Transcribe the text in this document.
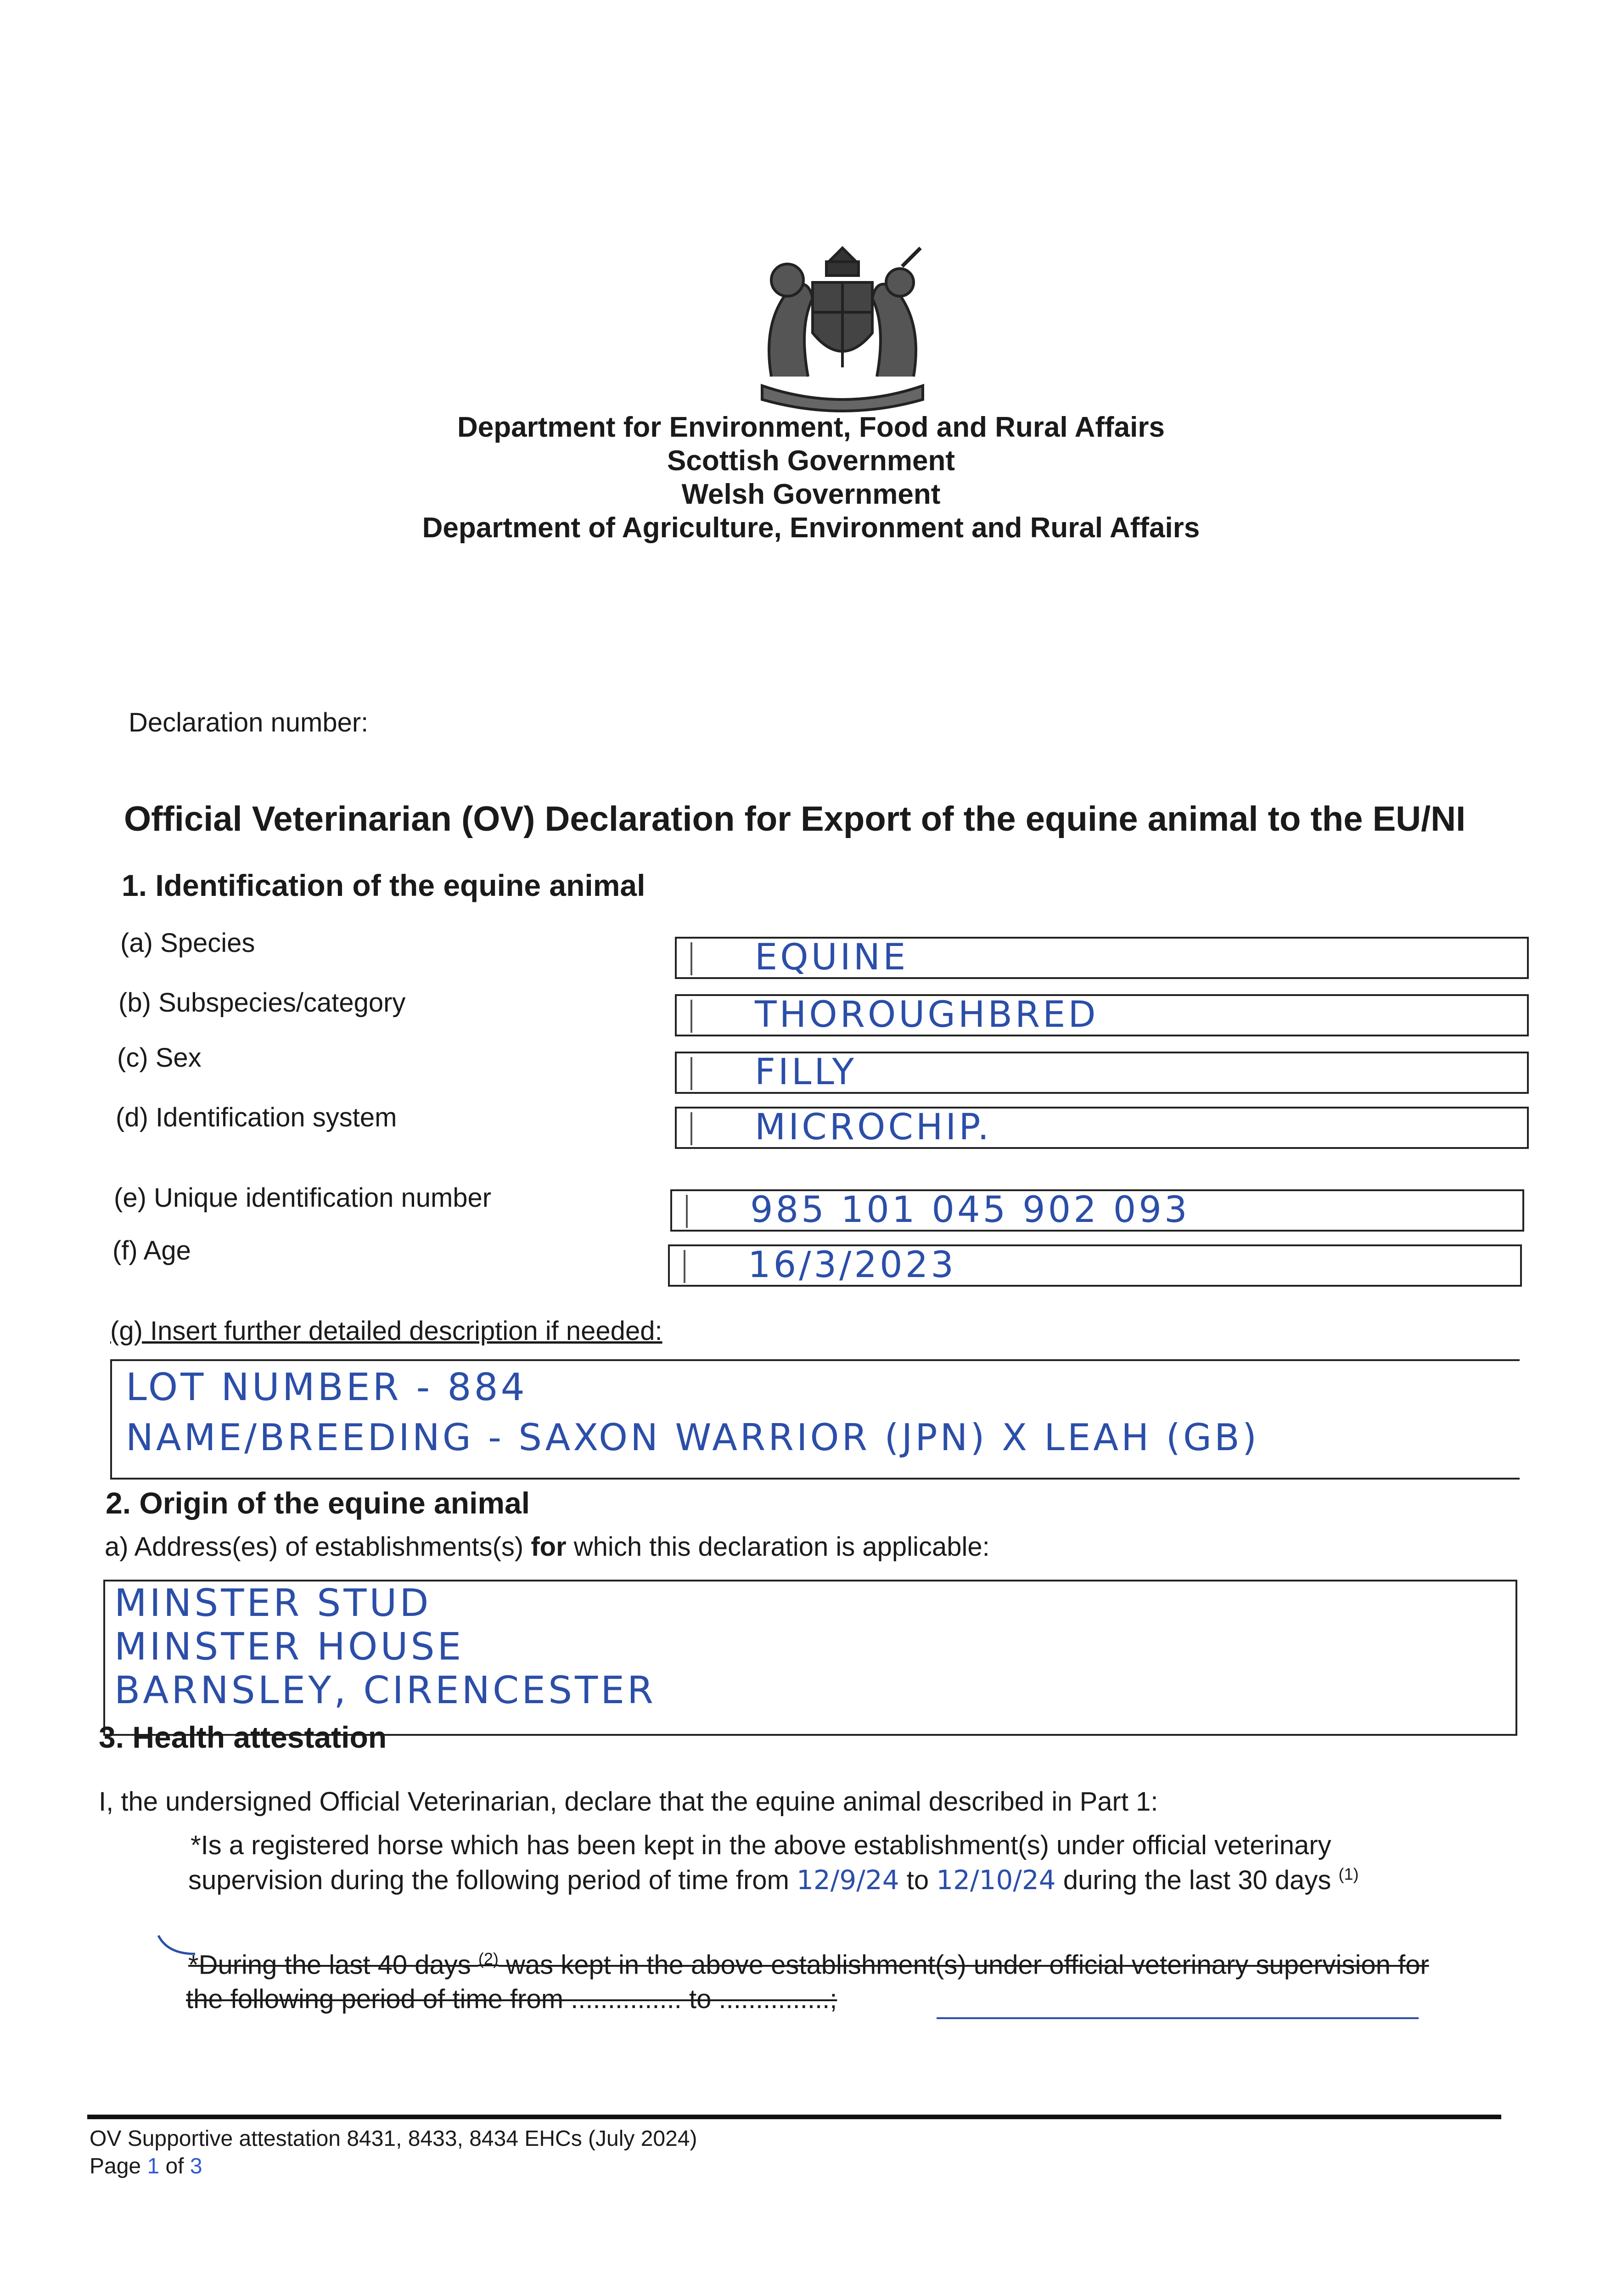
Department for Environment, Food and Rural Affairs
Scottish Government
Welsh Government
Department of Agriculture, Environment and Rural Affairs
Declaration number:
Official Veterinarian (OV) Declaration for Export of the equine animal to the EU/NI
1. Identification of the equine animal
(a) Species	EQUINE
(b) Subspecies/category	THOROUGHBRED
(c) Sex	FILLY
(d) Identification system	MICROCHIP.
(e) Unique identification number	985 101 045 902 093
(f) Age	16/3/2023
(g) Insert further detailed description if needed:
LOT NUMBER - 884
NAME/BREEDING - SAXON WARRIOR (JPN) X LEAH (GB)
2. Origin of the equine animal
a) Address(es) of establishments(s) for which this declaration is applicable:
MINSTER STUD
MINSTER HOUSE
BARNSLEY, CIRENCESTER
3. Health attestation
I, the undersigned Official Veterinarian, declare that the equine animal described in Part 1:
*Is a registered horse which has been kept in the above establishment(s) under official veterinary
supervision during the following period of time from 12/9/24 to 12/10/24 during the last 30 days $^{(1)}$
*During the last 40 days $^{(2)}$ was kept in the above establishment(s) under official veterinary supervision for
the following period of time from ............... to ...............;
OV Supportive attestation 8431, 8433, 8434 EHCs (July 2024)
Page 1 of 3
